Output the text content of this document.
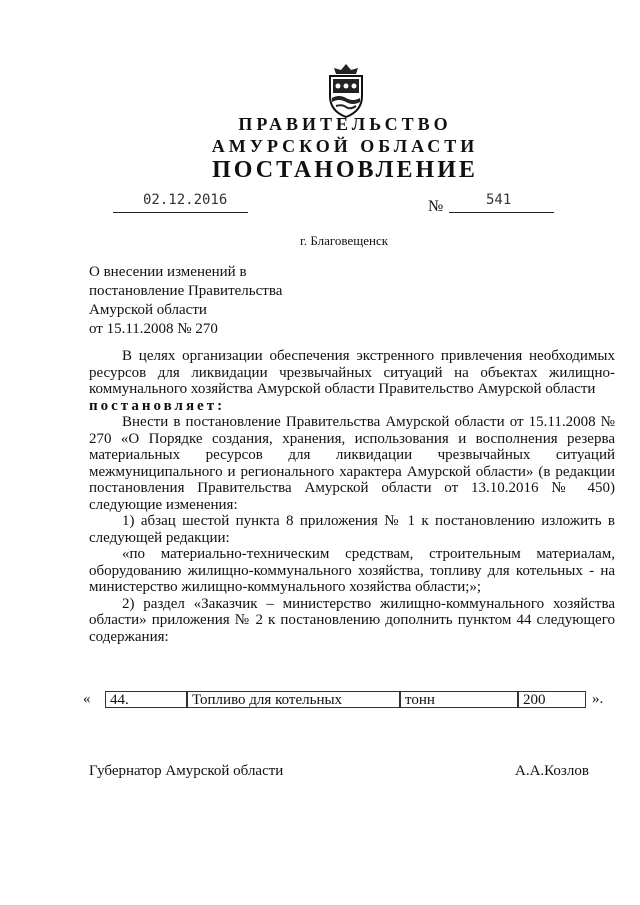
ПРАВИТЕЛЬСТВО
АМУРСКОЙ ОБЛАСТИ
ПОСТАНОВЛЕНИЕ
02.12.2016	№	541
г. Благовещенск
О внесении изменений в
постановление Правительства
Амурской области
от 15.11.2008 № 270

В целях организации обеспечения экстренного привлечения необходимых ресурсов для ликвидации чрезвычайных ситуаций на объектах жилищно-коммунального хозяйства Амурской области Правительство Амурской области

постановляет:

Внести в постановление Правительства Амурской области от 15.11.2008 № 270 «О Порядке создания, хранения, использования и восполнения резерва материальных ресурсов для ликвидации чрезвычайных ситуаций межмуниципального и регионального характера Амурской области» (в редакции постановления Правительства Амурской области от 13.10.2016 № 450) следующие изменения:

1) абзац шестой пункта 8 приложения № 1 к постановлению изложить в следующей редакции:

«по материально-техническим средствам, строительным материалам, оборудованию жилищно-коммунального хозяйства, топливу для котельных - на министерство жилищно-коммунального хозяйства области;»;

2) раздел «Заказчик – министерство жилищно-коммунального хозяйства области» приложения № 2 к постановлению дополнить пунктом 44 следующего содержания:

«	44.	Топливо для котельных	тонн	200	».
Губернатор Амурской области	А.А.Козлов
